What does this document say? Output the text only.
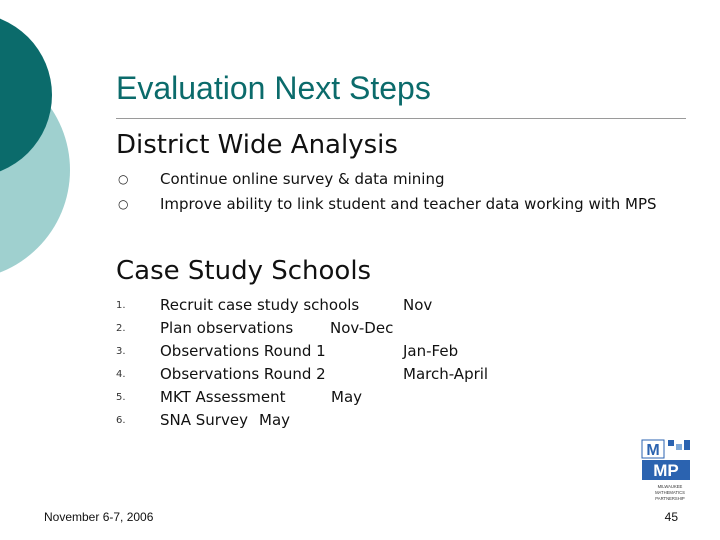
Evaluation Next Steps
District Wide Analysis
○ Continue online survey & data mining
○ Improve ability to link student and teacher data working with MPS
Case Study Schools
1. Recruit case study schools	Nov
2. Plan observations Nov-Dec
3. Observations Round 1	Jan-Feb
4. Observations Round 2	March-April
5. MKT Assessment	May
6. SNA Survey May
M
MP
MILWAUKEE
MATHEMATICS
PARTNERSHIP
November 6-7, 2006	45
